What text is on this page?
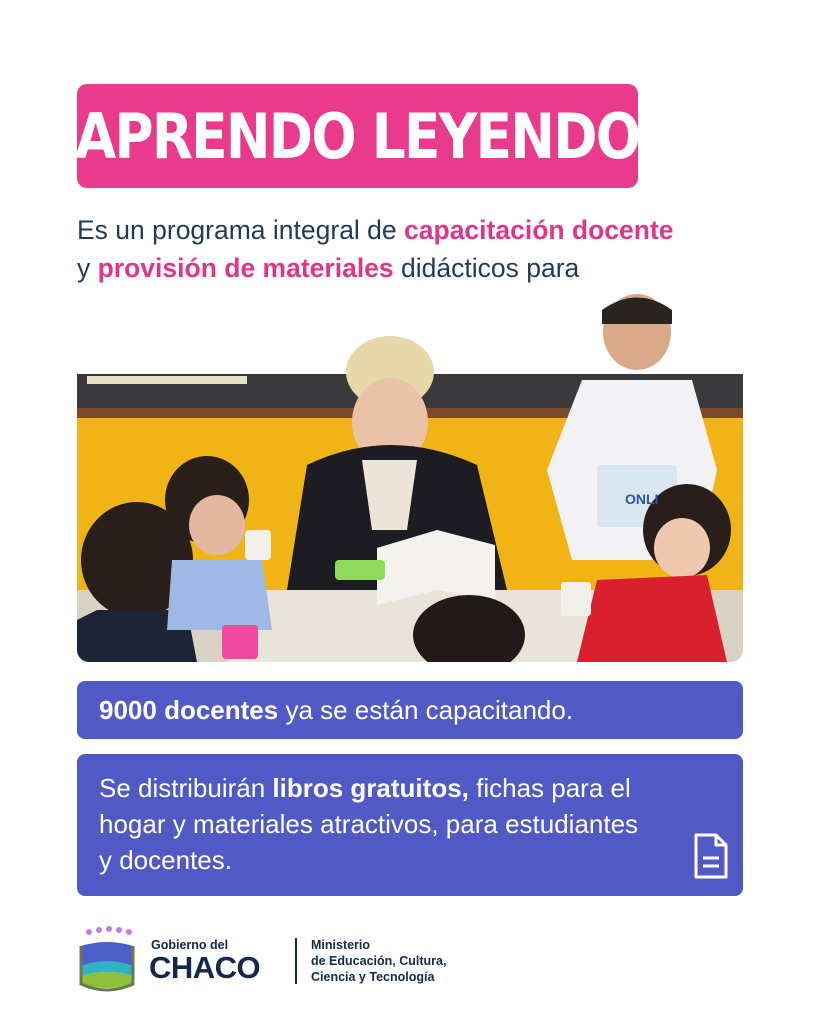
APRENDO LEYENDO

Es un programa integral de capacitación docente y provisión de materiales didácticos para

ONLI
9000 docentes ya se están capacitando.
Se distribuirán libros gratuitos, fichas para el hogar y materiales atractivos, para estudiantes y docentes.
Gobierno del
CHACO
Ministerio
de Educación, Cultura,
Ciencia y Tecnología
